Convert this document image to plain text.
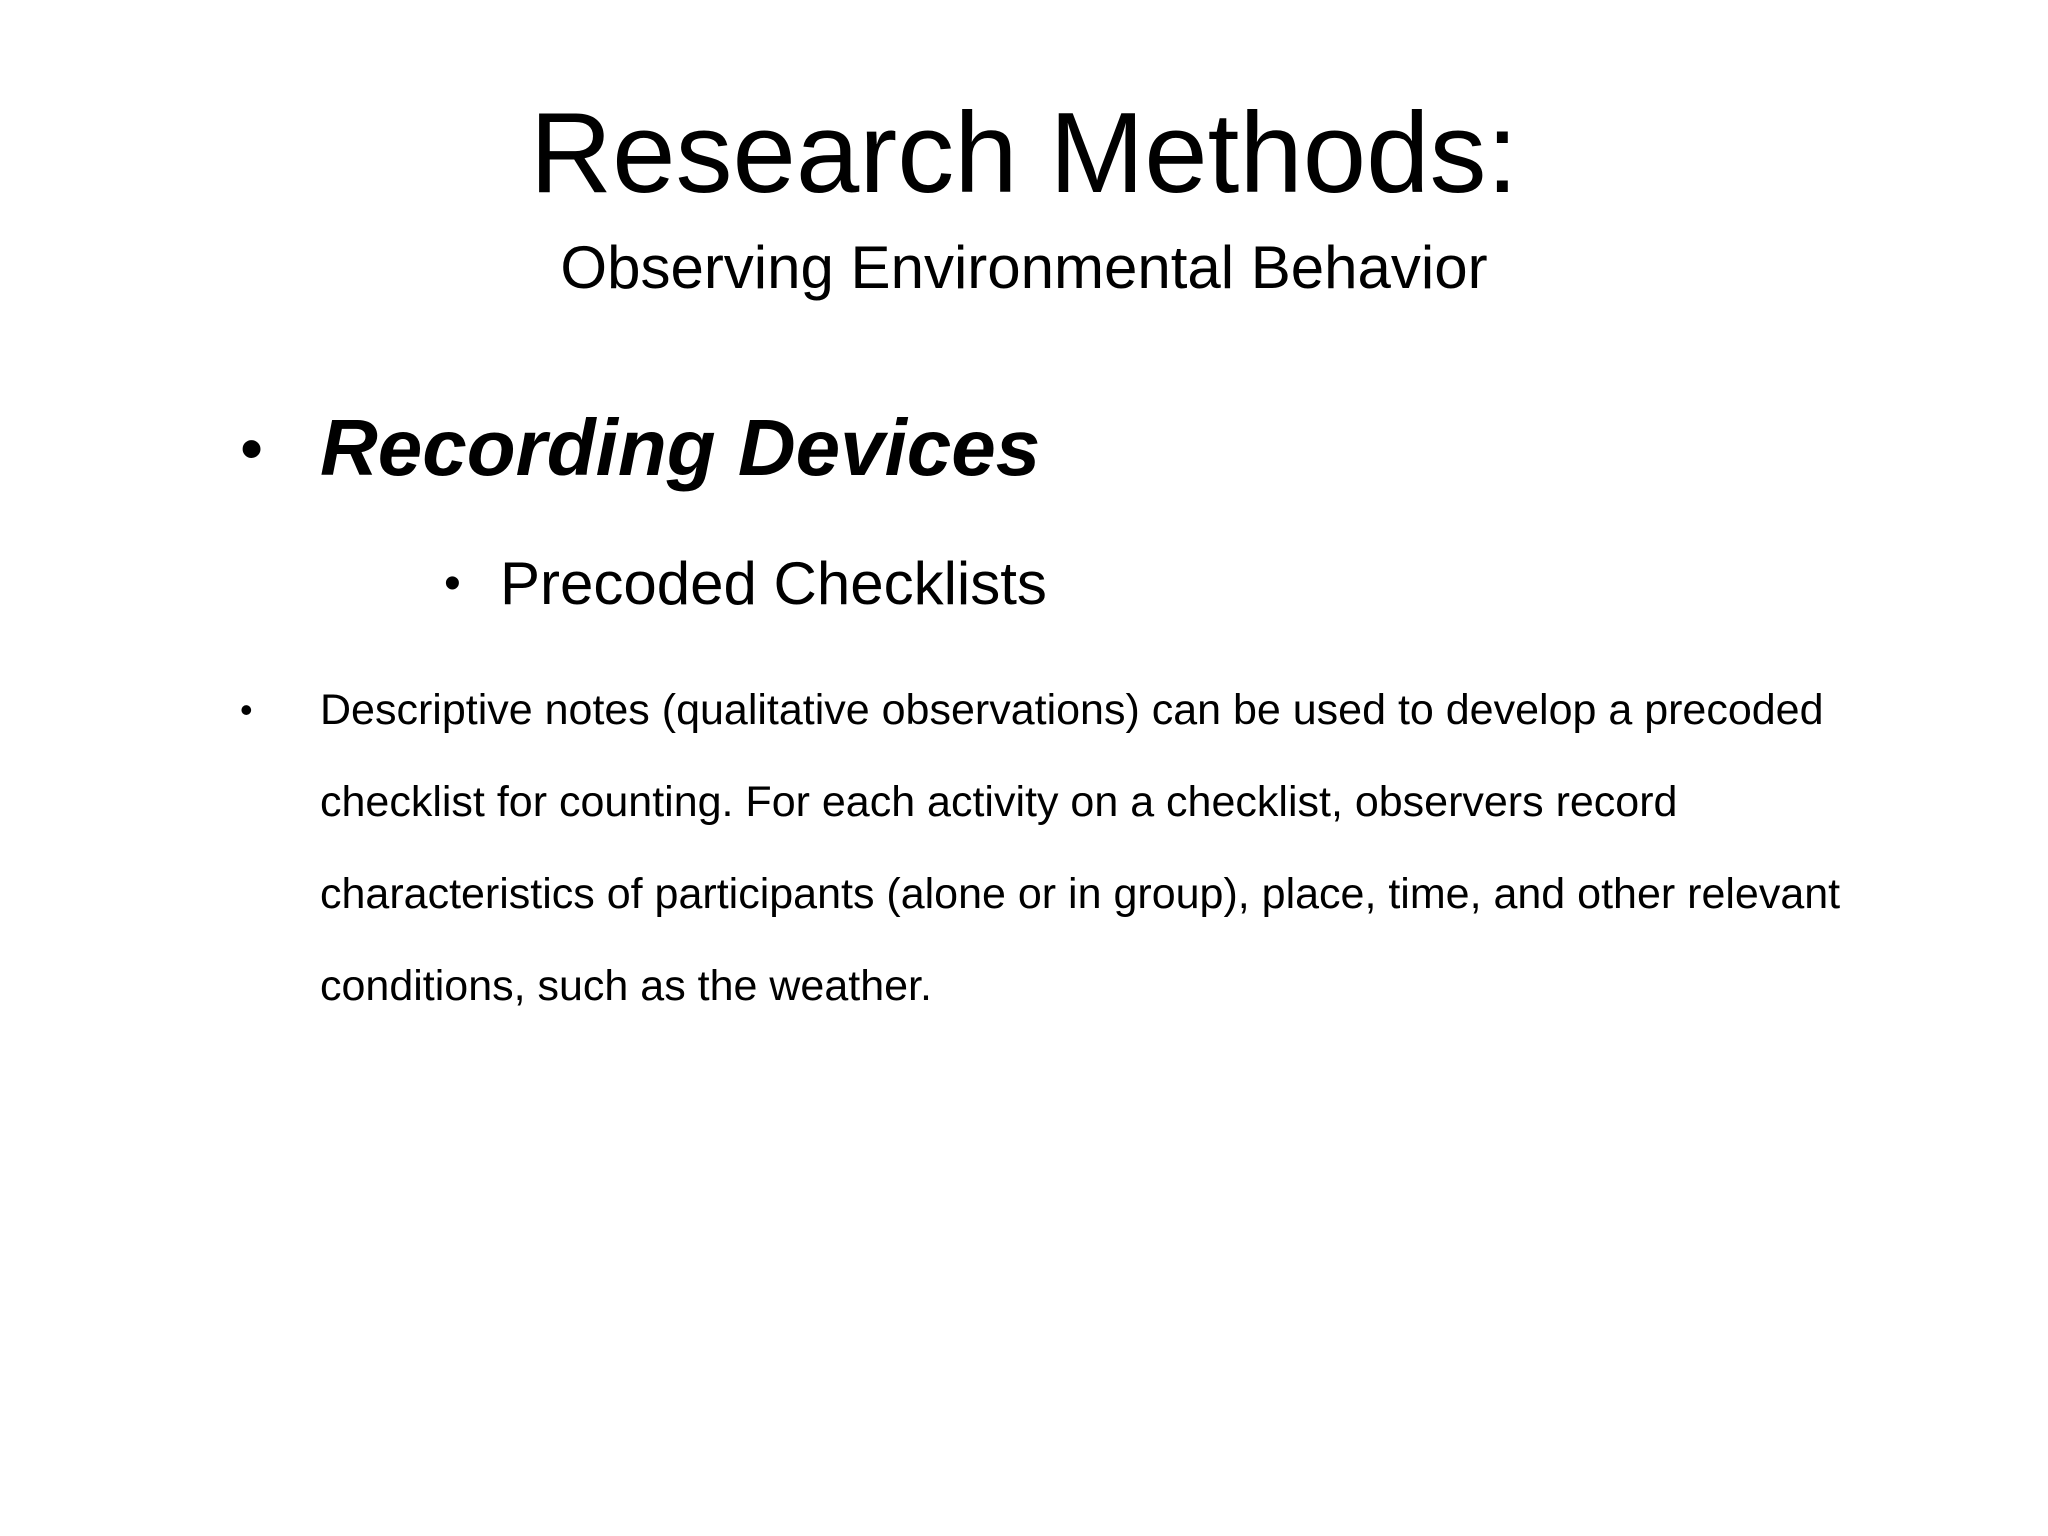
Research Methods:
Observing Environmental Behavior
• Recording Devices
• Precoded Checklists
•	Descriptive notes (qualitative observations) can be used to develop a precoded checklist for counting. For each activity on a checklist, observers record characteristics of participants (alone or in group), place, time, and other relevant conditions, such as the weather.
